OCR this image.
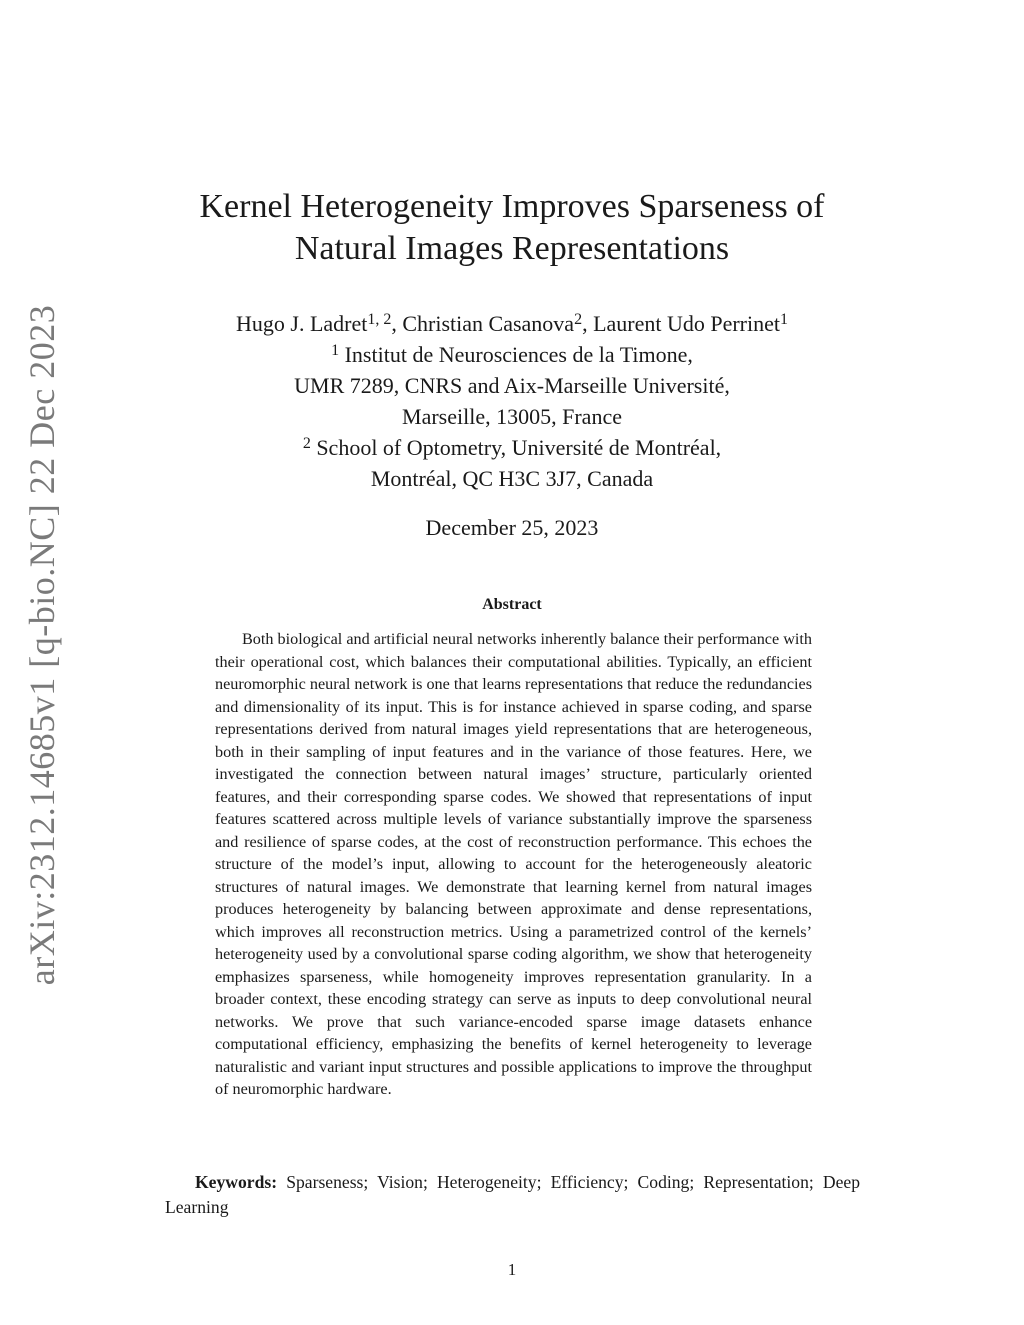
arXiv:2312.14685v1 [q-bio.NC] 22 Dec 2023
Kernel Heterogeneity Improves Sparseness of
Natural Images Representations
Hugo J. Ladret$^{1, 2}$, Christian Casanova$^2$, Laurent Udo Perrinet$^1$
$^1$ Institut de Neurosciences de la Timone,
UMR 7289, CNRS and Aix-Marseille Université,
Marseille, 13005, France
$^2$ School of Optometry, Université de Montréal,
Montréal, QC H3C 3J7, Canada
December 25, 2023
Abstract
Both biological and artificial neural networks inherently balance their performance with their operational cost, which balances their computational abilities. Typically, an efficient neuromorphic neural network is one that learns representations that reduce the redundancies and dimensionality of its input. This is for instance achieved in sparse coding, and sparse representations derived from natural images yield representations that are heterogeneous, both in their sampling of input features and in the variance of those features. Here, we investigated the connection between natural images’ structure, particularly oriented features, and their corresponding sparse codes. We showed that representations of input features scattered across multiple levels of variance substantially improve the sparseness and resilience of sparse codes, at the cost of reconstruction performance. This echoes the structure of the model’s input, allowing to account for the heterogeneously aleatoric structures of natural images. We demonstrate that learning kernel from natural images produces heterogeneity by balancing between approximate and dense representations, which improves all reconstruction metrics. Using a parametrized control of the kernels’ heterogeneity used by a convolutional sparse coding algorithm, we show that heterogeneity emphasizes sparseness, while homogeneity improves representation granularity. In a broader context, these encoding strategy can serve as inputs to deep convolutional neural networks. We prove that such variance-encoded sparse image datasets enhance computational efficiency, emphasizing the benefits of kernel heterogeneity to leverage naturalistic and variant input structures and possible applications to improve the throughput of neuromorphic hardware.
Keywords: Sparseness; Vision; Heterogeneity; Efficiency; Coding; Representation; Deep Learning
1
